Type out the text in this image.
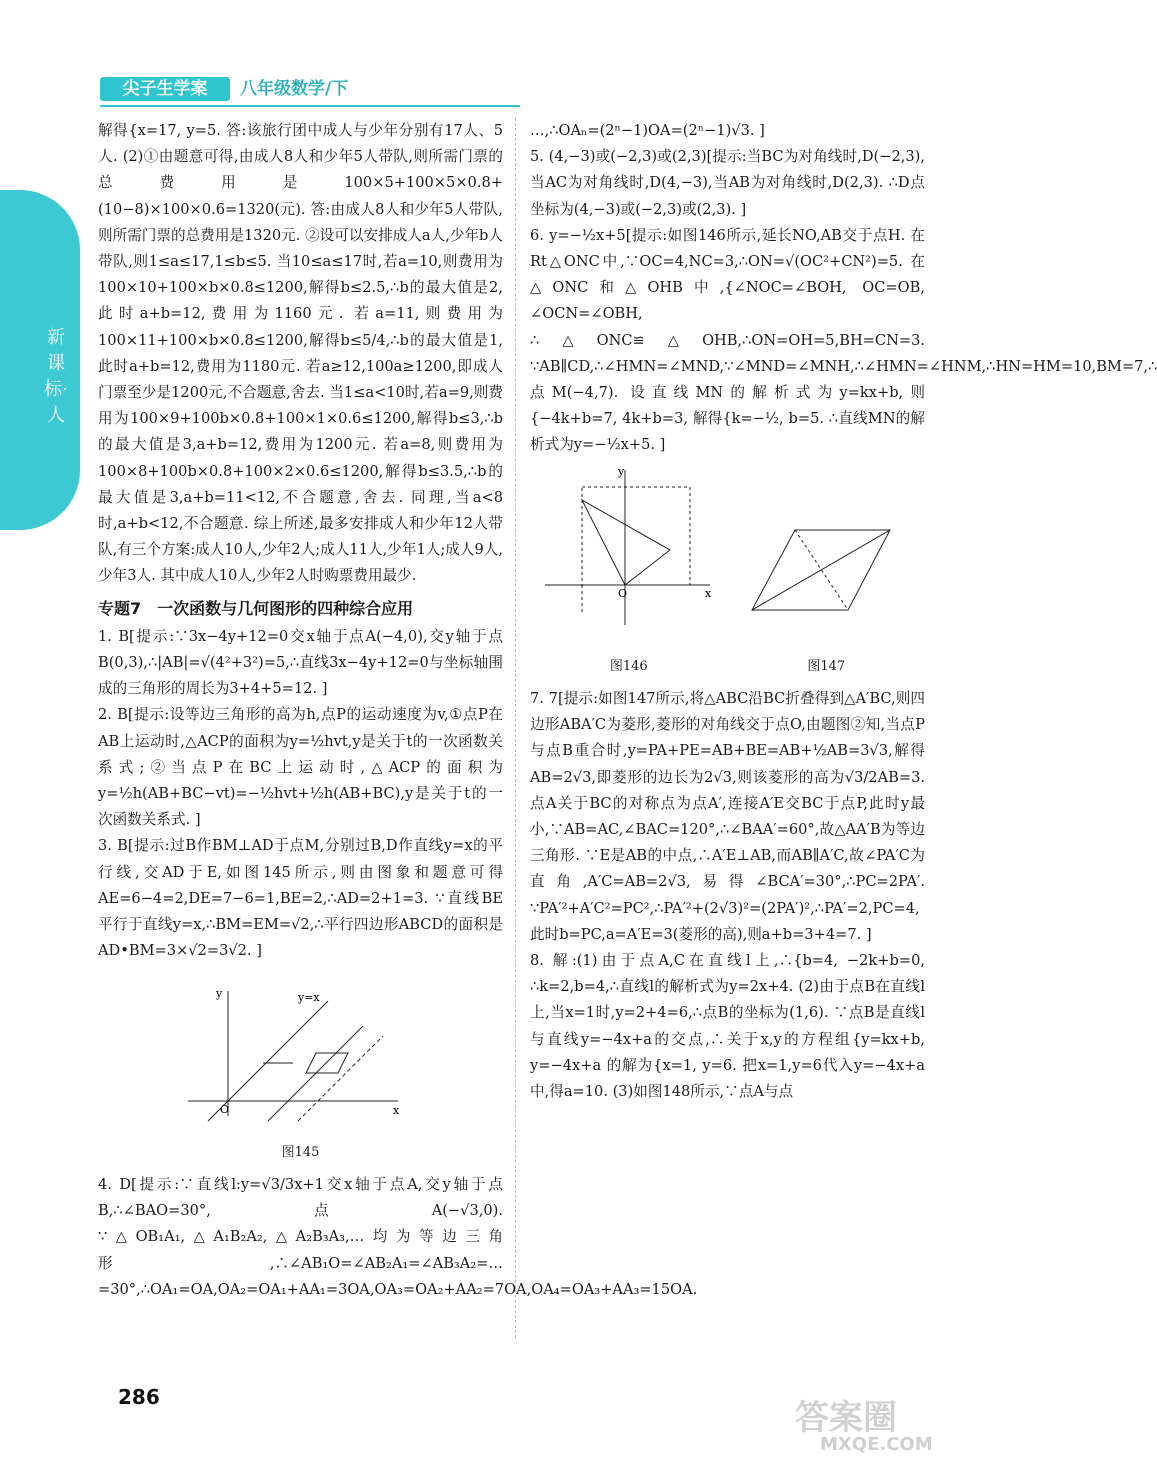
尖子生学案	八年级数学/下
新课标·人

解得{x=17, y=5. 答:该旅行团中成人与少年分别有17人、5人. (2)①由题意可得,由成人8人和少年5人带队,则所需门票的总费用是100×5+100×5×0.8+(10−8)×100×0.6=1320(元). 答:由成人8人和少年5人带队,则所需门票的总费用是1320元. ②设可以安排成人a人,少年b人带队,则1≤a≤17,1≤b≤5. 当10≤a≤17时,若a=10,则费用为100×10+100×b×0.8≤1200,解得b≤2.5,∴b的最大值是2,此时a+b=12,费用为1160元. 若a=11,则费用为100×11+100×b×0.8≤1200,解得b≤5/4,∴b的最大值是1,此时a+b=12,费用为1180元. 若a≥12,100a≥1200,即成人门票至少是1200元,不合题意,舍去. 当1≤a<10时,若a=9,则费用为100×9+100b×0.8+100×1×0.6≤1200,解得b≤3,∴b的最大值是3,a+b=12,费用为1200元. 若a=8,则费用为100×8+100b×0.8+100×2×0.6≤1200,解得b≤3.5,∴b的最大值是3,a+b=11<12,不合题意,舍去. 同理,当a<8时,a+b<12,不合题意. 综上所述,最多安排成人和少年12人带队,有三个方案:成人10人,少年2人;成人11人,少年1人;成人9人,少年3人. 其中成人10人,少年2人时购票费用最少.

专题7　一次函数与几何图形的四种综合应用

1. B[提示:∵3x−4y+12=0交x轴于点A(−4,0),交y轴于点B(0,3),∴|AB|=√(4²+3²)=5,∴直线3x−4y+12=0与坐标轴围成的三角形的周长为3+4+5=12. ]

2. B[提示:设等边三角形的高为h,点P的运动速度为v,①点P在AB上运动时,△ACP的面积为y=½hvt,y是关于t的一次函数关系式;②当点P在BC上运动时,△ACP的面积为y=½h(AB+BC−vt)=−½hvt+½h(AB+BC),y是关于t的一次函数关系式. ]

3. B[提示:过B作BM⊥AD于点M,分别过B,D作直线y=x的平行线,交AD于E,如图145所示,则由图象和题意可得AE=6−4=2,DE=7−6=1,BE=2,∴AD=2+1=3. ∵直线BE平行于直线y=x,∴BM=EM=√2,∴平行四边形ABCD的面积是AD•BM=3×√2=3√2. ]

O	x
y	y=x
图145

4. D[提示:∵直线l:y=√3/3x+1交x轴于点A,交y轴于点B,∴∠BAO=30°,点A(−√3,0). ∵△OB₁A₁,△A₁B₂A₂,△A₂B₃A₃,…均为等边三角形,∴∠AB₁O=∠AB₂A₁=∠AB₃A₂=…=30°,∴OA₁=OA,OA₂=OA₁+AA₁=3OA,OA₃=OA₂+AA₂=7OA,OA₄=OA₃+AA₃=15OA.

…,∴OAₙ=(2ⁿ−1)OA=(2ⁿ−1)√3. ]

5. (4,−3)或(−2,3)或(2,3)[提示:当BC为对角线时,D(−2,3),当AC为对角线时,D(4,−3),当AB为对角线时,D(2,3). ∴D点坐标为(4,−3)或(−2,3)或(2,3). ]

6. y=−½x+5[提示:如图146所示,延长NO,AB交于点H. 在Rt△ONC中,∵OC=4,NC=3,∴ON=√(OC²+CN²)=5. 在△ONC和△OHB中,{∠NOC=∠BOH, OC=OB, ∠OCN=∠OBH, ∴△ONC≌△OHB,∴ON=OH=5,BH=CN=3. ∵AB∥CD,∴∠HMN=∠MND,∵∠MND=∠MNH,∴∠HMN=∠HNM,∴HN=HM=10,BM=7,∴点M(−4,7). 设直线MN的解析式为y=kx+b,则{−4k+b=7, 4k+b=3, 解得{k=−½, b=5. ∴直线MN的解析式为y=−½x+5. ]

O	x
y
图146	图147

7. 7[提示:如图147所示,将△ABC沿BC折叠得到△A′BC,则四边形ABA′C为菱形,菱形的对角线交于点O,由题图②知,当点P与点B重合时,y=PA+PE=AB+BE=AB+½AB=3√3,解得AB=2√3,即菱形的边长为2√3,则该菱形的高为√3/2AB=3. 点A关于BC的对称点为点A′,连接A′E交BC于点P,此时y最小,∵AB=AC,∠BAC=120°,∴∠BAA′=60°,故△AA′B为等边三角形. ∵E是AB的中点,∴A′E⊥AB,而AB∥A′C,故∠PA′C为直角,A′C=AB=2√3,易得∠BCA′=30°,∴PC=2PA′. ∵PA′²+A′C²=PC²,∴PA′²+(2√3)²=(2PA′)²,∴PA′=2,PC=4,此时b=PC,a=A′E=3(菱形的高),则a+b=3+4=7. ]

8. 解:(1)由于点A,C在直线l上,∴{b=4, −2k+b=0, ∴k=2,b=4,∴直线l的解析式为y=2x+4. (2)由于点B在直线l上,当x=1时,y=2+4=6,∴点B的坐标为(1,6). ∵点B是直线l与直线y=−4x+a的交点,∴关于x,y的方程组{y=kx+b, y=−4x+a 的解为{x=1, y=6. 把x=1,y=6代入y=−4x+a中,得a=10. (3)如图148所示,∵点A与点

286
答案圈
MXQE.COM
